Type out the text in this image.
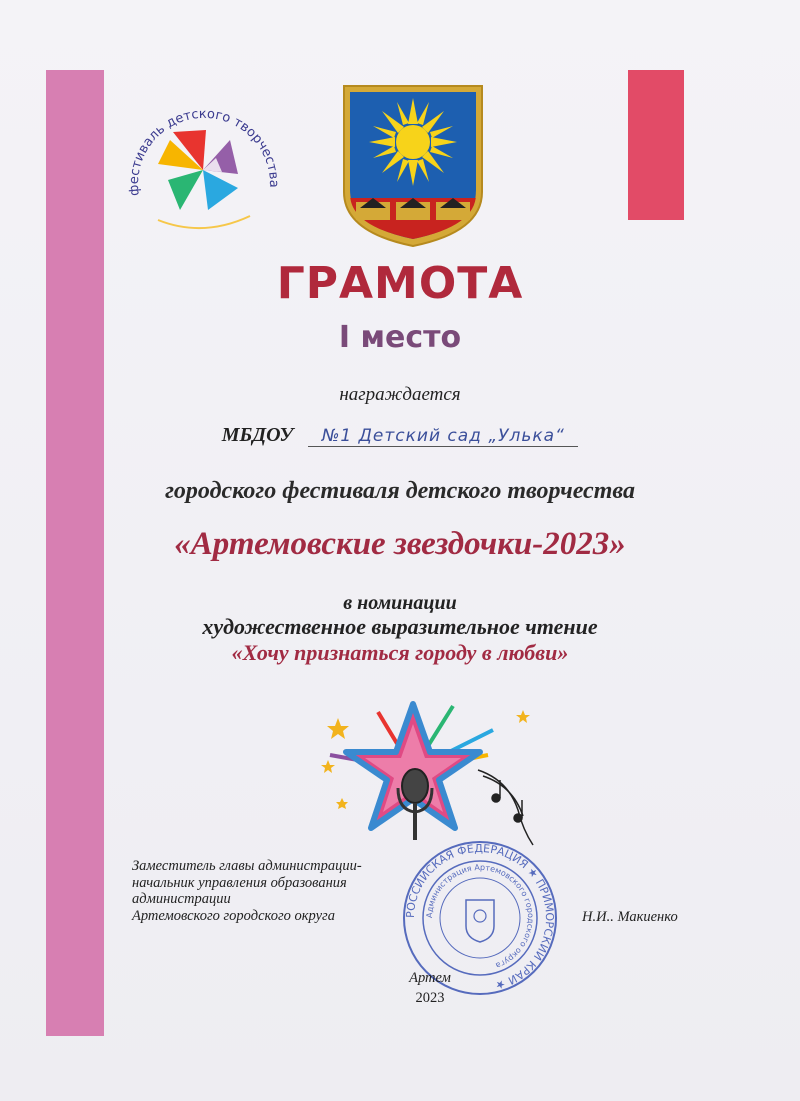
фестиваль детского творчества
ГРАМОТА
I место
награждается
МБДОУ №1 Детский сад „Улька“
городского фестиваля детского творчества
«Артемовские звездочки-2023»
в номинации
художественное выразительное чтение
«Хочу признаться городу в любви»
Заместитель главы администрации-
начальник управления образования
администрации
Артемовского городского округа	РОССИЙСКАЯ ФЕДЕРАЦИЯ ★ ПРИМОРСКИЙ КРАЙ ★
Администрация Артемовского городского округа
Н.И.. Макиенко
Артем
2023
